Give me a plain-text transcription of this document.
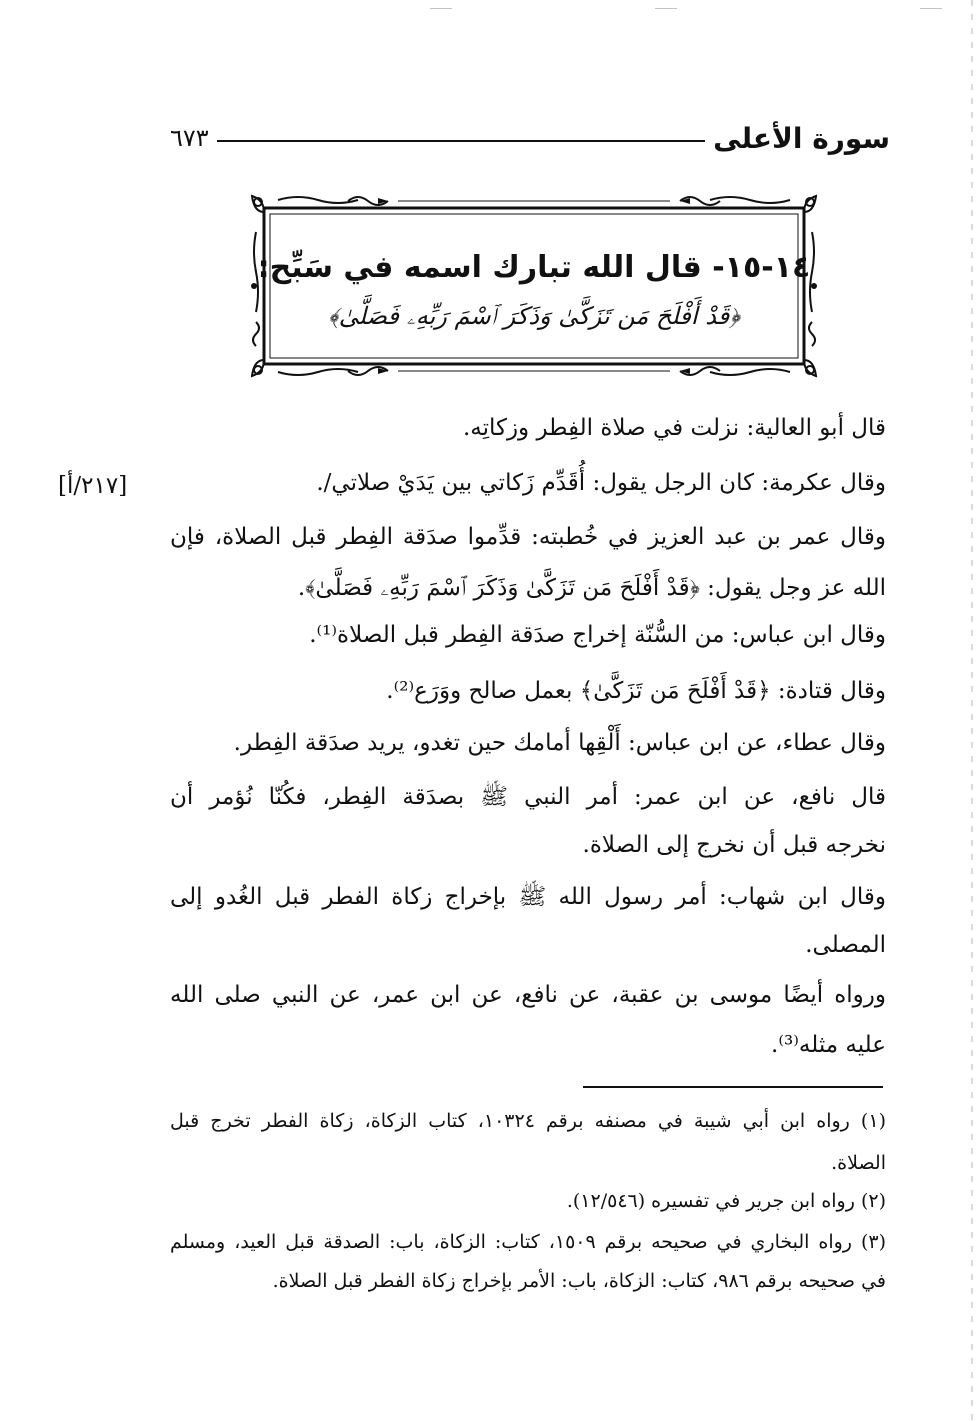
سورة الأعلى
٦٧٣
١٤-١٥- قال الله تبارك اسمه في سَبِّح:
﴿قَدْ أَفْلَحَ مَن تَزَكَّىٰ وَذَكَرَ ٱسْمَ رَبِّهِۦ فَصَلَّىٰ﴾
[٢١٧/أ]
قال أبو العالية: نزلت في صلاة الفِطر وزكاتِه.
وقال عكرمة: كان الرجل يقول: أُقَدِّم زَكاتي بين يَدَيْ صلاتي/.
وقال عمر بن عبد العزيز في خُطبته: قدِّموا صدَقة الفِطر قبل الصلاة، فإن
الله عز وجل يقول: ﴿قَدْ أَفْلَحَ مَن تَزَكَّىٰ وَذَكَرَ ٱسْمَ رَبِّهِۦ فَصَلَّىٰ﴾.
وقال ابن عباس: من السُّنّة إخراج صدَقة الفِطر قبل الصلاة⁽¹⁾.
وقال قتادة: ﴿قَدْ أَفْلَحَ مَن تَزَكَّىٰ﴾ بعمل صالح ووَرَع⁽²⁾.
وقال عطاء، عن ابن عباس: أَلْقِها أمامك حين تغدو، يريد صدَقة الفِطر.
قال نافع، عن ابن عمر: أمر النبي ﷺ بصدَقة الفِطر، فكُنّا نُؤمر أن
نخرجه قبل أن نخرج إلى الصلاة.
وقال ابن شهاب: أمر رسول الله ﷺ بإخراج زكاة الفطر قبل الغُدو إلى
المصلى.
ورواه أيضًا موسى بن عقبة، عن نافع، عن ابن عمر، عن النبي صلى الله
عليه مثله⁽³⁾.
(١) رواه ابن أبي شيبة في مصنفه برقم ١٠٣٢٤، كتاب الزكاة، زكاة الفطر تخرج قبل
الصلاة.
(٢) رواه ابن جرير في تفسيره (١٢/٥٤٦).
(٣) رواه البخاري في صحيحه برقم ١٥٠٩، كتاب: الزكاة، باب: الصدقة قبل العيد، ومسلم
في صحيحه برقم ٩٨٦، كتاب: الزكاة، باب: الأمر بإخراج زكاة الفطر قبل الصلاة.
